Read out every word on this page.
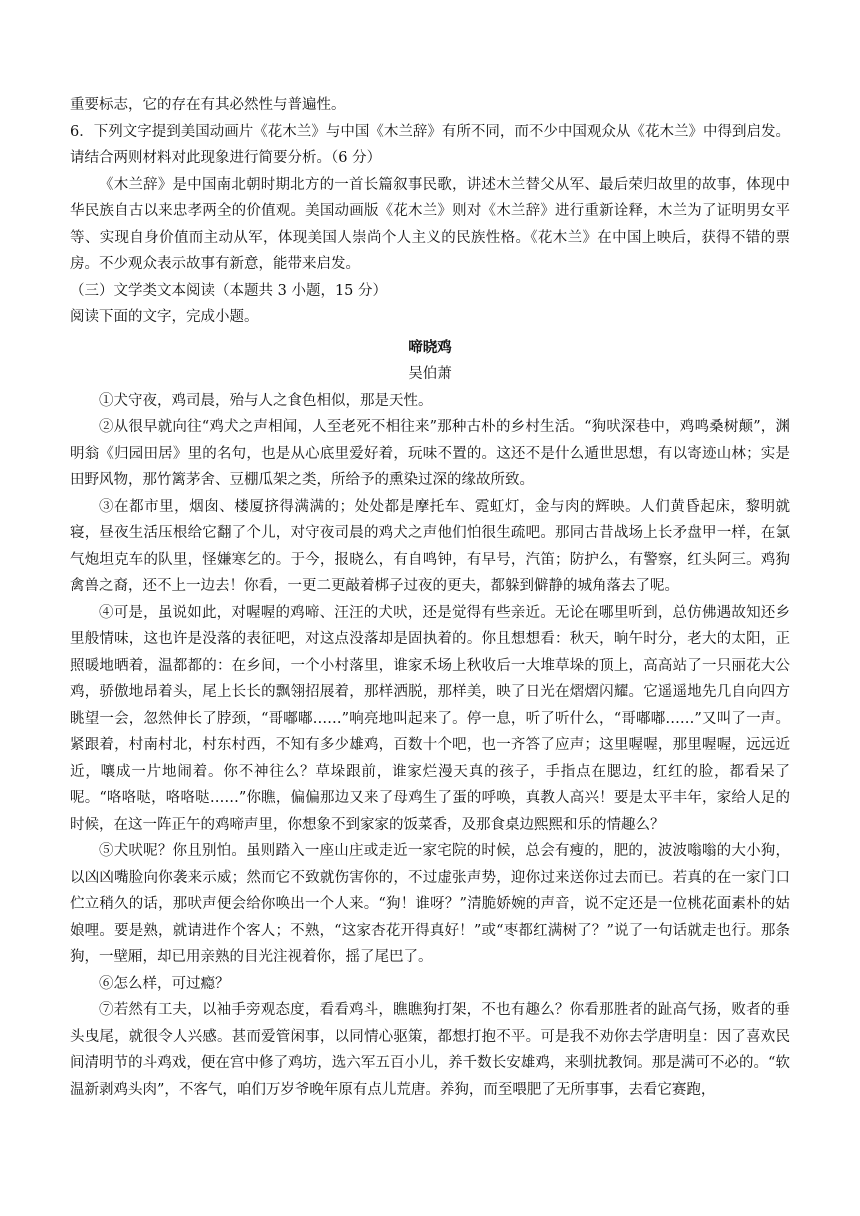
重要标志，它的存在有其必然性与普遍性。

6．下列文字提到美国动画片《花木兰》与中国《木兰辞》有所不同，而不少中国观众从《花木兰》中得到启发。请结合两则材料对此现象进行简要分析。（6 分）

《木兰辞》是中国南北朝时期北方的一首长篇叙事民歌，讲述木兰替父从军、最后荣归故里的故事，体现中华民族自古以来忠孝两全的价值观。美国动画版《花木兰》则对《木兰辞》进行重新诠释，木兰为了证明男女平等、实现自身价值而主动从军，体现美国人崇尚个人主义的民族性格。《花木兰》在中国上映后，获得不错的票房。不少观众表示故事有新意，能带来启发。

（三）文学类文本阅读（本题共 3 小题，15 分）

阅读下面的文字，完成小题。

啼晓鸡

吴伯萧

①犬守夜，鸡司晨，殆与人之食色相似，那是天性。

②从很早就向往“鸡犬之声相闻，人至老死不相往来”那种古朴的乡村生活。“狗吠深巷中，鸡鸣桑树颠”，渊明翁《归园田居》里的名句，也是从心底里爱好着，玩味不置的。这还不是什么遁世思想，有以寄迹山林；实是田野风物，那竹篱茅舍、豆棚瓜架之类，所给予的熏染过深的缘故所致。

③在都市里，烟囱、楼厦挤得满满的；处处都是摩托车、霓虹灯，金与肉的辉映。人们黄昏起床，黎明就寝，昼夜生活压根给它翻了个儿，对守夜司晨的鸡犬之声他们怕很生疏吧。那同古昔战场上长矛盘甲一样，在氯气炮坦克车的队里，怪嫌寒乞的。于今，报晓么，有自鸣钟，有早号，汽笛；防护么，有警察，红头阿三。鸡狗禽兽之裔，还不上一边去！你看，一更二更敲着梆子过夜的更夫，都躲到僻静的城角落去了呢。

④可是，虽说如此，对喔喔的鸡啼、汪汪的犬吠，还是觉得有些亲近。无论在哪里听到，总仿佛遇故知还乡里般情味，这也许是没落的表征吧，对这点没落却是固执着的。你且想想看：秋天，晌午时分，老大的太阳，正照暖地晒着，温都都的：在乡间，一个小村落里，谁家禾场上秋收后一大堆草垛的顶上，高高站了一只丽花大公鸡，骄傲地昂着头，尾上长长的飘翎招展着，那样洒脱，那样美，映了日光在熠熠闪耀。它遥遥地先几自向四方眺望一会，忽然伸长了脖颈，“哥嘟嘟……”响亮地叫起来了。停一息，听了听什么，“哥嘟嘟……”又叫了一声。紧跟着，村南村北，村东村西，不知有多少雄鸡，百数十个吧，也一齐答了应声；这里喔喔，那里喔喔，远远近近，嚷成一片地闹着。你不神往么？草垛跟前，谁家烂漫天真的孩子，手指点在腮边，红红的脸，都看呆了呢。“咯咯哒，咯咯哒……”你瞧，偏偏那边又来了母鸡生了蛋的呼唤，真教人高兴！要是太平丰年，家给人足的时候，在这一阵正午的鸡啼声里，你想象不到家家的饭菜香，及那食桌边熙熙和乐的情趣么？

⑤犬吠呢？你且别怕。虽则踏入一座山庄或走近一家宅院的时候，总会有瘦的，肥的，波波嗡嗡的大小狗，以凶凶嘴脸向你袭来示威；然而它不致就伤害你的，不过虚张声势，迎你过来送你过去而已。若真的在一家门口伫立稍久的话，那吠声便会给你唤出一个人来。“狗！谁呀？”清脆娇婉的声音，说不定还是一位桃花面素朴的姑娘哩。要是熟，就请进作个客人；不熟，“这家杏花开得真好！”或“枣都红满树了？”说了一句话就走也行。那条狗，一壁厢，却已用亲熟的目光注视着你，摇了尾巴了。

⑥怎么样，可过瘾？

⑦若然有工夫，以袖手旁观态度，看看鸡斗，瞧瞧狗打架，不也有趣么？你看那胜者的趾高气扬，败者的垂头曳尾，就很令人兴感。甚而爱管闲事，以同情心驱策，都想打抱不平。可是我不劝你去学唐明皇：因了喜欢民间清明节的斗鸡戏，便在宫中修了鸡坊，选六军五百小儿，养千数长安雄鸡，来驯扰教饲。那是满可不必的。“软温新剥鸡头肉”，不客气，咱们万岁爷晚年原有点儿荒唐。养狗，而至喂肥了无所事事，去看它赛跑，
